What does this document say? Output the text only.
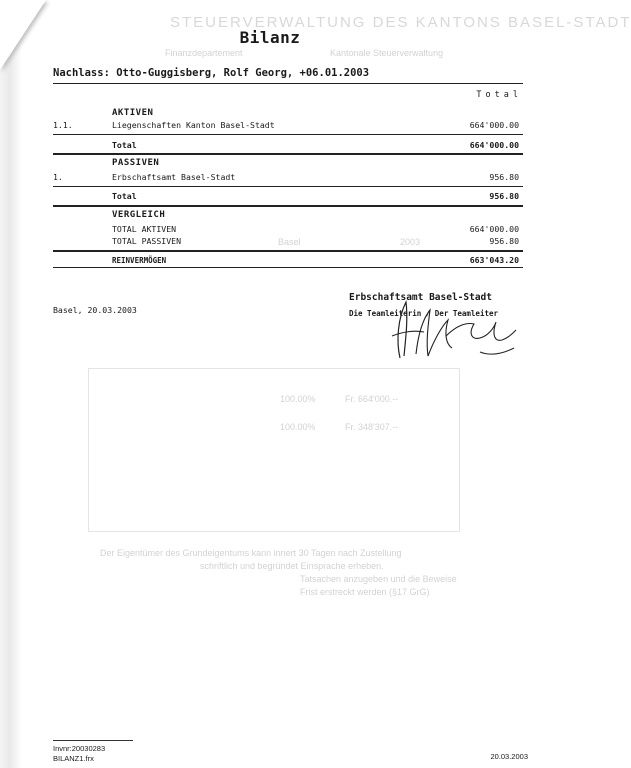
STEUERVERWALTUNG DES KANTONS BASEL-STADT
Finanzdepartement	Kantonale Steuerverwaltung
Basel	2003
100.00%	Fr. 664'000.--
100.00%	Fr. 348'307.--
Der Eigentümer des Grundeigentums kann innert 30 Tagen nach Zustellung
schriftlich und begründet Einsprache erheben.
Tatsachen anzugeben und die Beweise
Frist erstreckt werden (§17 GrG)
Bilanz
Nachlass: Otto-Guggisberg, Rolf Georg, +06.01.2003
Total
AKTIVEN
1.1.	Liegenschaften Kanton Basel-Stadt	664'000.00
Total	664'000.00
PASSIVEN
1.	Erbschaftsamt Basel-Stadt	956.80
Total	956.80
VERGLEICH
TOTAL AKTIVEN	664'000.00
TOTAL PASSIVEN	956.80
REINVERMÖGEN	663'043.20
Basel, 20.03.2003
Erbschaftsamt Basel-Stadt
Die Teamleiterin / Der Teamleiter
Invnr:20030283
BILANZ1.frx	20.03.2003
